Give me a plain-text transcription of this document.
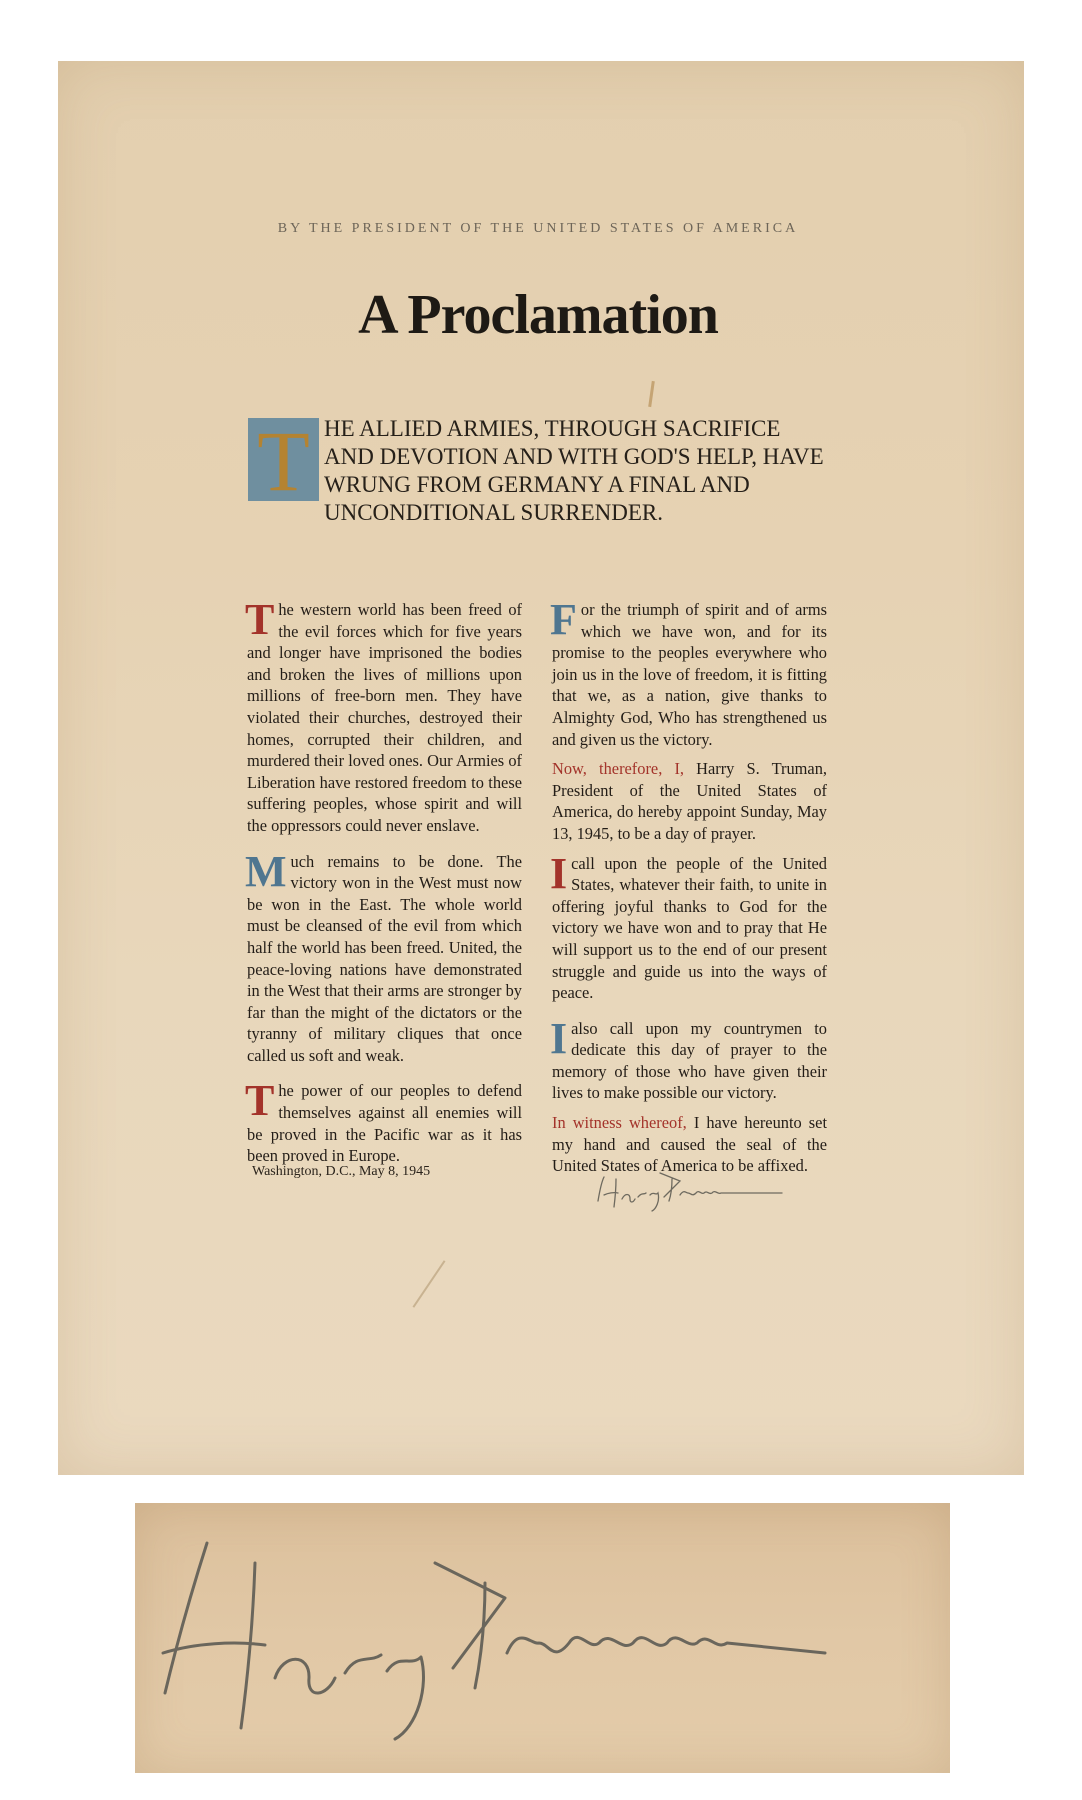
BY THE PRESIDENT OF THE UNITED STATES OF AMERICA
A Proclamation
T HE ALLIED ARMIES, THROUGH SACRIFICE AND DEVOTION AND WITH GOD'S HELP, HAVE WRUNG FROM GERMANY A FINAL AND UNCONDITIONAL SURRENDER.

T he western world has been freed of the evil forces which for five years and longer have imprisoned the bodies and broken the lives of millions upon millions of free-born men. They have violated their churches, destroyed their homes, corrupted their children, and murdered their loved ones. Our Armies of Liberation have restored freedom to these suffering peoples, whose spirit and will the oppressors could never enslave.

M uch remains to be done. The victory won in the West must now be won in the East. The whole world must be cleansed of the evil from which half the world has been freed. United, the peace-loving nations have demonstrated in the West that their arms are stronger by far than the might of the dictators or the tyranny of military cliques that once called us soft and weak.

T he power of our peoples to defend themselves against all enemies will be proved in the Pacific war as it has been proved in Europe.

F or the triumph of spirit and of arms which we have won, and for its promise to the peoples everywhere who join us in the love of freedom, it is fitting that we, as a nation, give thanks to Almighty God, Who has strengthened us and given us the victory.

Now, therefore, I, Harry S. Truman, President of the United States of America, do hereby appoint Sunday, May 13, 1945, to be a day of prayer.

I call upon the people of the United States, whatever their faith, to unite in offering joyful thanks to God for the victory we have won and to pray that He will support us to the end of our present struggle and guide us into the ways of peace.

I also call upon my countrymen to dedicate this day of prayer to the memory of those who have given their lives to make possible our victory.

In witness whereof, I have hereunto set my hand and caused the seal of the United States of America to be affixed.

Washington, D.C., May 8, 1945
